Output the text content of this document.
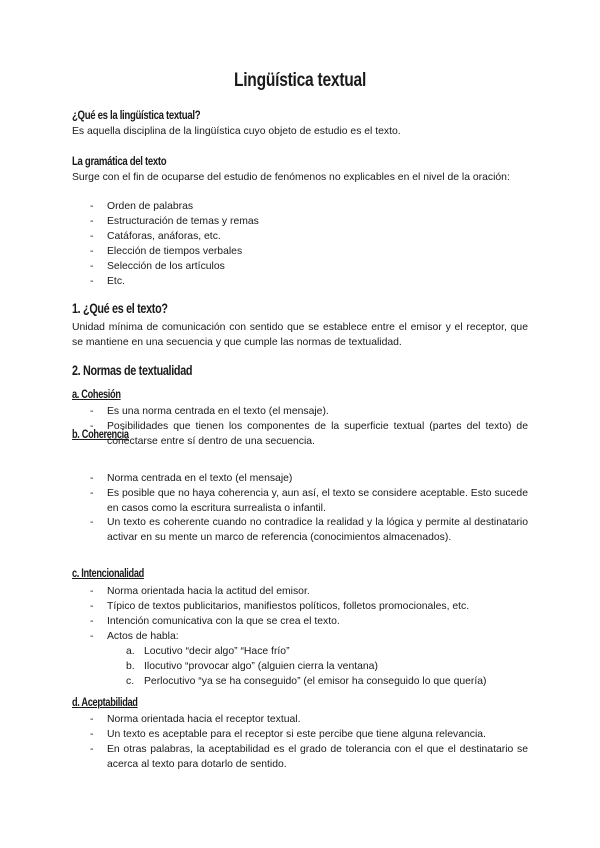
Lingüística textual
¿Qué es la lingüística textual?
Es aquella disciplina de la lingüística cuyo objeto de estudio es el texto.
La gramática del texto
Surge con el fin de ocuparse del estudio de fenómenos no explicables en el nivel de la oración:
- Orden de palabras
- Estructuración de temas y remas
- Catáforas, anáforas, etc.
- Elección de tiempos verbales
- Selección de los artículos
- Etc.
1. ¿Qué es el texto?
Unidad mínima de comunicación con sentido que se establece entre el emisor y el receptor, que se mantiene en una secuencia y que cumple las normas de textualidad.
2. Normas de textualidad
a. Cohesión
- Es una norma centrada en el texto (el mensaje).
- Posibilidades que tienen los componentes de la superficie textual (partes del texto) de conectarse entre sí dentro de una secuencia.
b. Coherencia
- Norma centrada en el texto (el mensaje)
- Es posible que no haya coherencia y, aun así, el texto se considere aceptable. Esto sucede en casos como la escritura surrealista o infantil.
- Un texto es coherente cuando no contradice la realidad y la lógica y permite al destinatario activar en su mente un marco de referencia (conocimientos almacenados).
c. Intencionalidad
- Norma orientada hacia la actitud del emisor.
- Típico de textos publicitarios, manifiestos políticos, folletos promocionales, etc.
- Intención comunicativa con la que se crea el texto.
- Actos de habla:
a. Locutivo “decir algo” “Hace frío”
b. Ilocutivo “provocar algo” (alguien cierra la ventana)
c. Perlocutivo “ya se ha conseguido” (el emisor ha conseguido lo que quería)
d. Aceptabilidad
- Norma orientada hacia el receptor textual.
- Un texto es aceptable para el receptor si este percibe que tiene alguna relevancia.
- En otras palabras, la aceptabilidad es el grado de tolerancia con el que el destinatario se acerca al texto para dotarlo de sentido.
